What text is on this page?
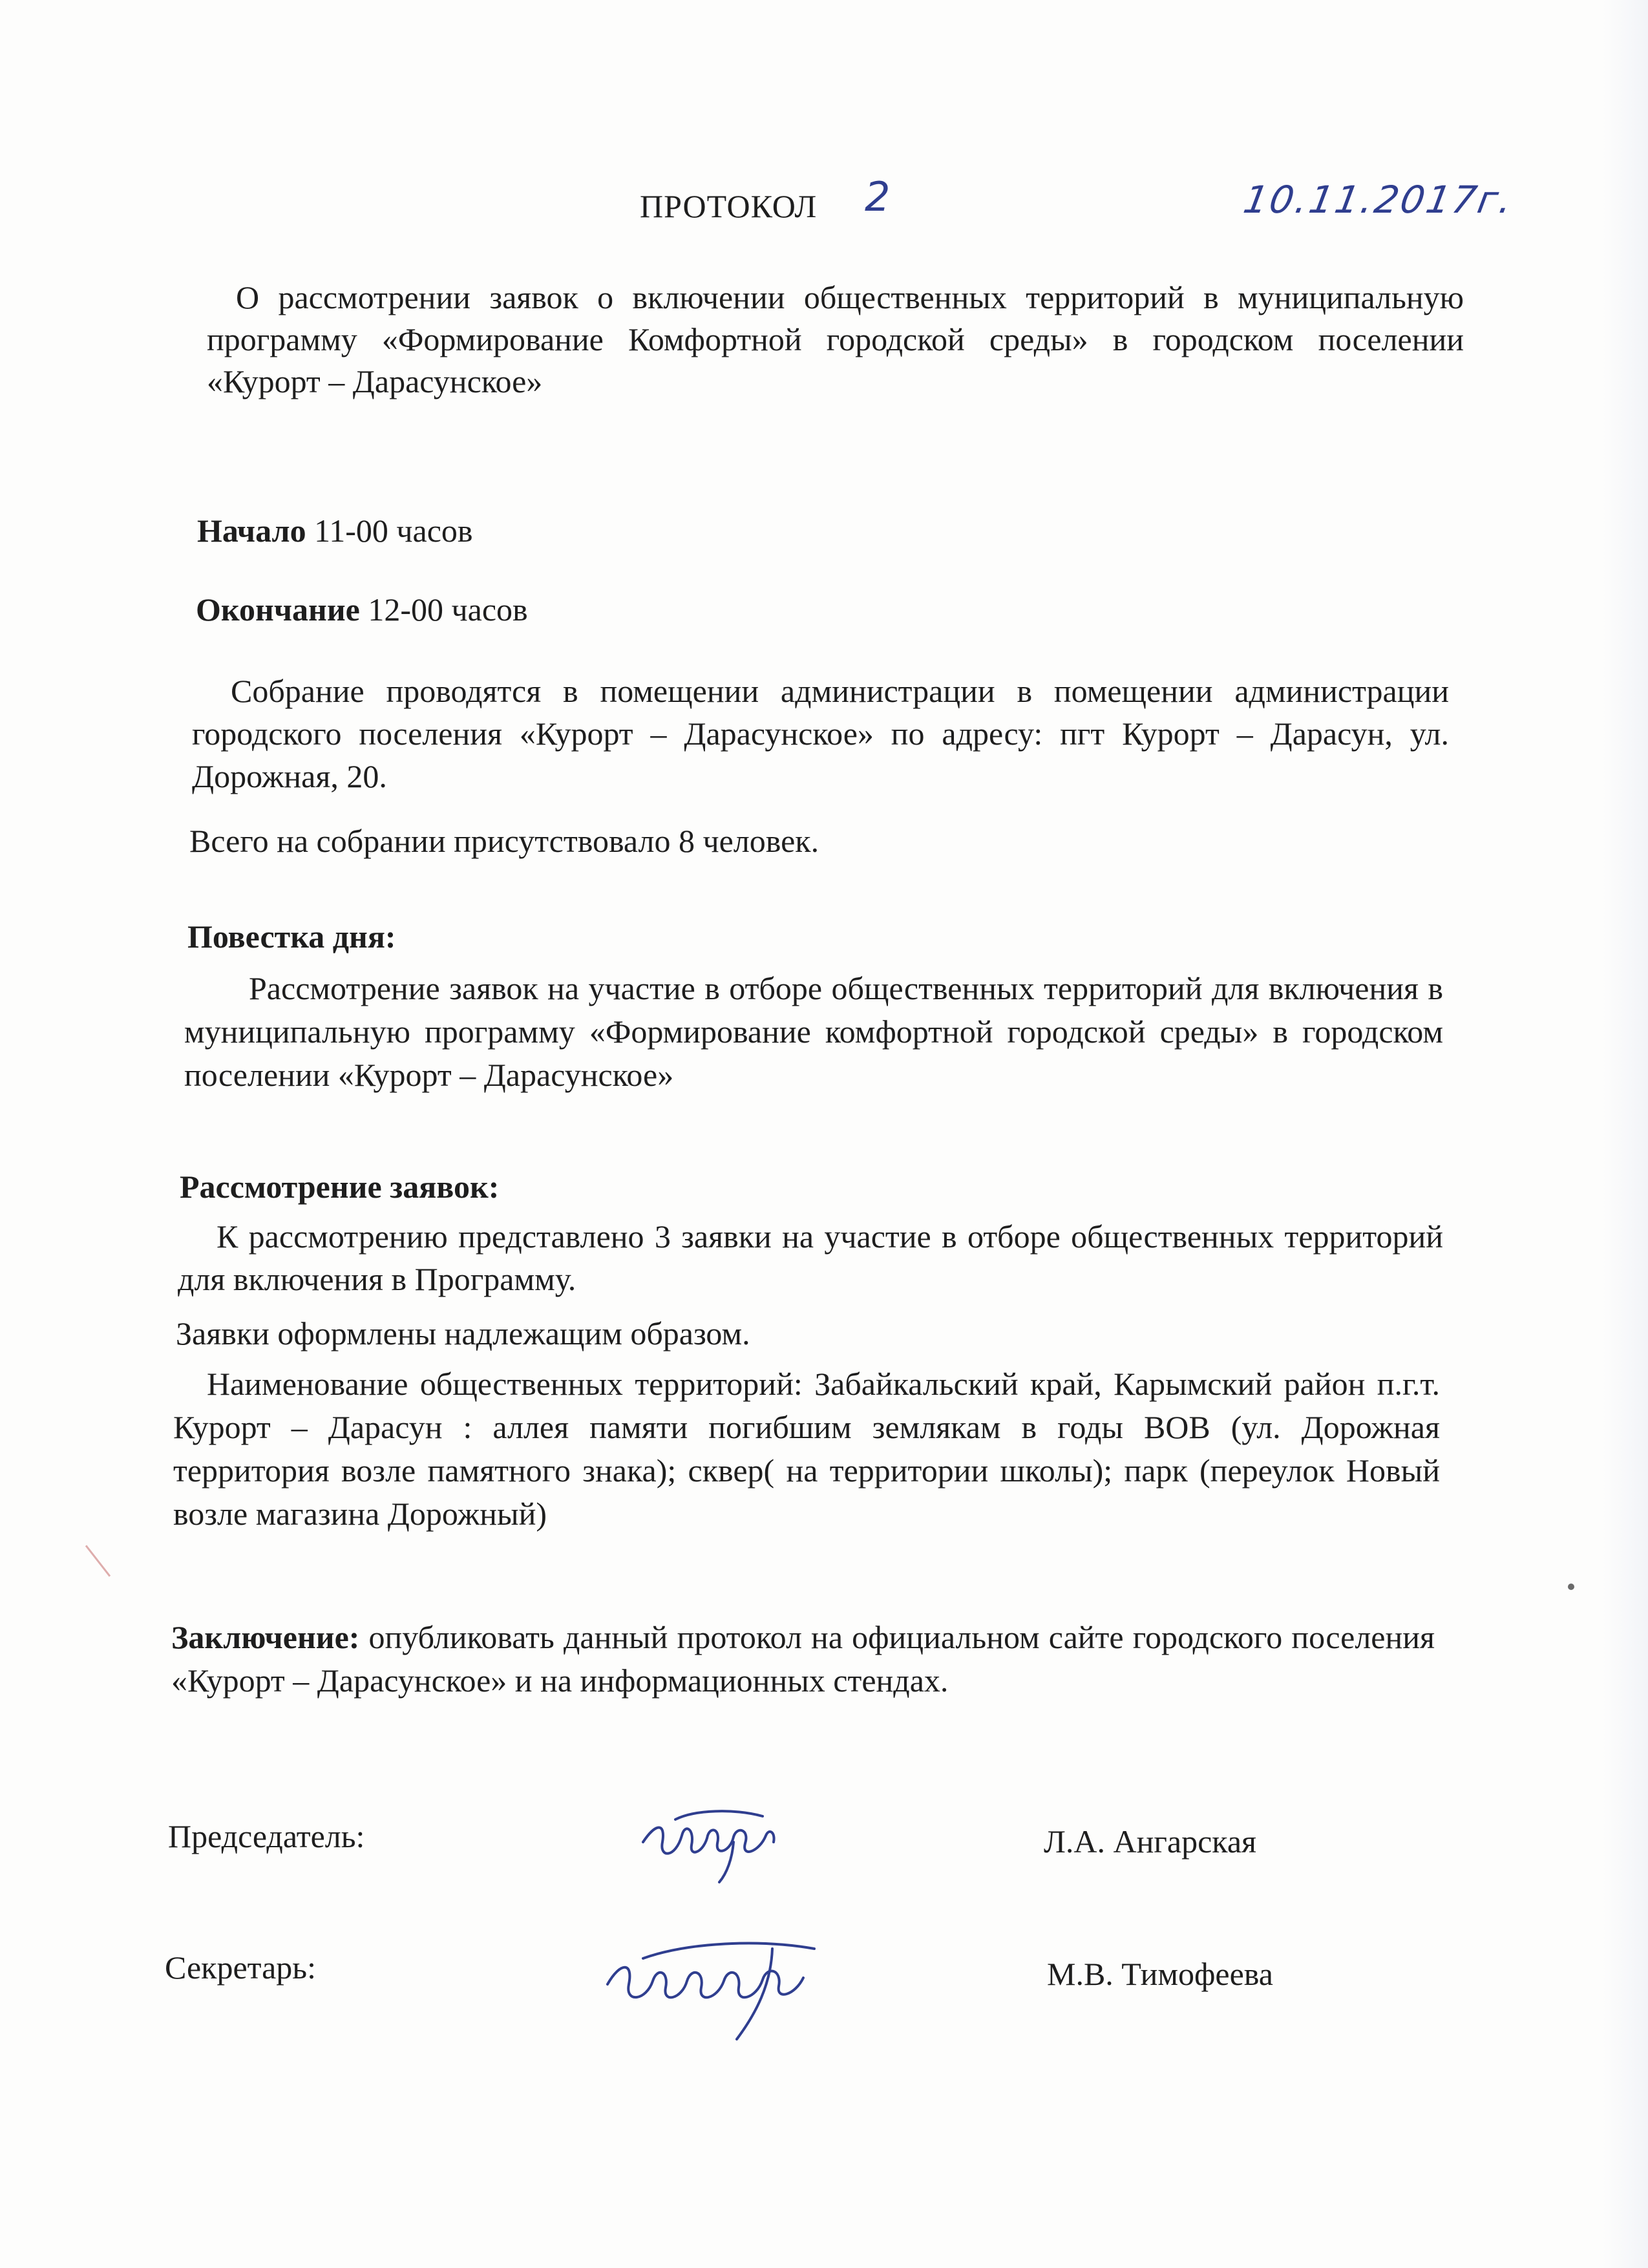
ПРОТОКОЛ 2	10.11.2017г.

О рассмотрении заявок о включении общественных территорий в муниципальную программу «Формирование Комфортной городской среды» в городском поселении «Курорт – Дарасунское»

Начало 11-00 часов

Окончание 12-00 часов

Собрание проводятся в помещении администрации в помещении администрации городского поселения «Курорт – Дарасунское» по адресу: пгт Курорт – Дарасун, ул. Дорожная, 20.

Всего на собрании присутствовало 8 человек.

Повестка дня:

Рассмотрение заявок на участие в отборе общественных территорий для включения в муниципальную программу «Формирование комфортной городской среды» в городском поселении «Курорт – Дарасунское»

Рассмотрение заявок:

К рассмотрению представлено 3 заявки на участие в отборе общественных территорий для включения в Программу.

Заявки оформлены надлежащим образом.

Наименование общественных территорий: Забайкальский край, Карымский район п.г.т. Курорт – Дарасун : аллея памяти погибшим землякам в годы ВОВ (ул. Дорожная территория возле памятного знака); сквер( на территории школы); парк (переулок Новый возле магазина Дорожный)

Заключение: опубликовать данный протокол на официальном сайте городского поселения «Курорт – Дарасунское» и на информационных стендах.

Председатель:	Л.А. Ангарская

Секретарь:	М.В. Тимофеева
